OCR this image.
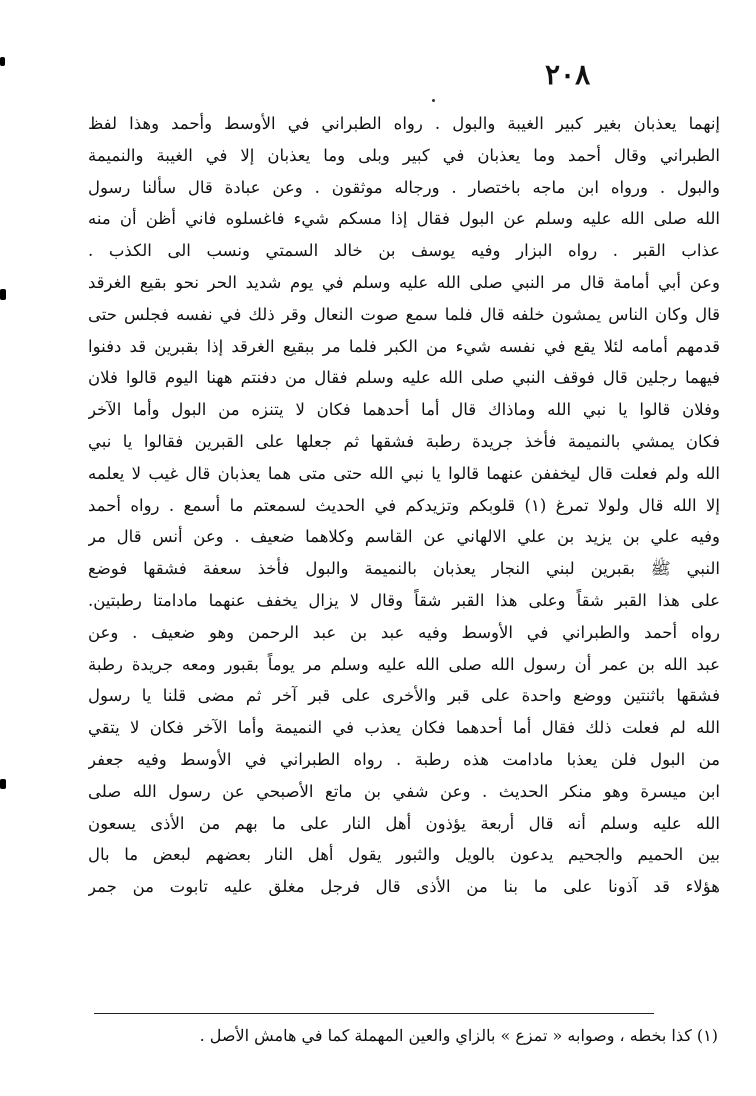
٢٠٨
إنهما يعذبان بغير كبير الغيبة والبول . رواه الطبراني في الأوسط وأحمد وهذا لفظ
الطبراني وقال أحمد وما يعذبان في كبير وبلى وما يعذبان إلا في الغيبة والنميمة
والبول . ورواه ابن ماجه باختصار . ورجاله موثقون . وعن عبادة قال سألنا رسول
الله صلى الله عليه وسلم عن البول فقال إذا مسكم شيء فاغسلوه فاني أظن أن منه
عذاب القبر . رواه البزار وفيه يوسف بن خالد السمتي ونسب الى الكذب .
وعن أبي أمامة قال مر النبي صلى الله عليه وسلم في يوم شديد الحر نحو بقيع الغرقد
قال وكان الناس يمشون خلفه قال فلما سمع صوت النعال وقر ذلك في نفسه فجلس حتى
قدمهم أمامه لئلا يقع في نفسه شيء من الكبر فلما مر ببقيع الغرقد إذا بقبرين قد دفنوا
فيهما رجلين قال فوقف النبي صلى الله عليه وسلم فقال من دفنتم ههنا اليوم قالوا فلان
وفلان قالوا يا نبي الله وماذاك قال أما أحدهما فكان لا يتنزه من البول وأما الآخر
فكان يمشي بالنميمة فأخذ جريدة رطبة فشقها ثم جعلها على القبرين فقالوا يا نبي
الله ولم فعلت قال ليخففن عنهما قالوا يا نبي الله حتى متى هما يعذبان قال غيب لا يعلمه
إلا الله قال ولولا تمرغ (١) قلوبكم وتزيدكم في الحديث لسمعتم ما أسمع . رواه أحمد
وفيه علي بن يزيد بن علي الالهاني عن القاسم وكلاهما ضعيف . وعن أنس قال مر
النبي ﷺ بقبرين لبني النجار يعذبان بالنميمة والبول فأخذ سعفة فشقها فوضع
على هذا القبر شقاً وعلى هذا القبر شقاً وقال لا يزال يخفف عنهما مادامتا رطبتين.
رواه أحمد والطبراني في الأوسط وفيه عبد بن عبد الرحمن وهو ضعيف . وعن
عبد الله بن عمر أن رسول الله صلى الله عليه وسلم مر يوماً بقبور ومعه جريدة رطبة
فشقها باثنتين ووضع واحدة على قبر والأخرى على قبر آخر ثم مضى قلنا يا رسول
الله لم فعلت ذلك فقال أما أحدهما فكان يعذب في النميمة وأما الآخر فكان لا يتقي
من البول فلن يعذبا مادامت هذه رطبة . رواه الطبراني في الأوسط وفيه جعفر
ابن ميسرة وهو منكر الحديث . وعن شفي بن ماتع الأصبحي عن رسول الله صلى
الله عليه وسلم أنه قال أربعة يؤذون أهل النار على ما بهم من الأذى يسعون
بين الحميم والجحيم يدعون بالويل والثبور يقول أهل النار بعضهم لبعض ما بال
هؤلاء قد آذونا على ما بنا من الأذى قال فرجل مغلق عليه تابوت من جمر
(١) كذا بخطه ، وصوابه « تمزع » بالزاي والعين المهملة كما في هامش الأصل .
